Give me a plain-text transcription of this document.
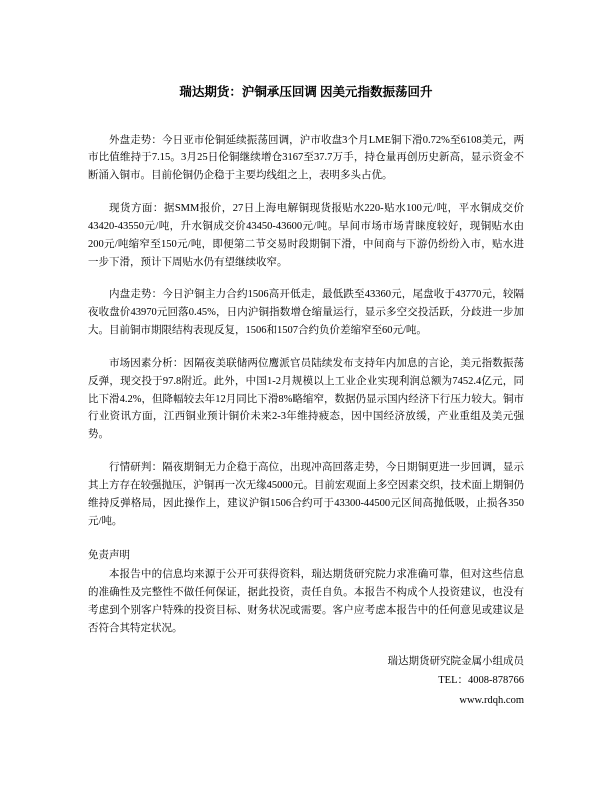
瑞达期货：沪铜承压回调 因美元指数振荡回升

外盘走势：今日亚市伦铜延续振荡回调，沪市收盘3个月LME铜下滑0.72%至6108美元，两市比值维持于7.15。3月25日伦铜继续增仓3167至37.7万手，持仓量再创历史新高，显示资金不断涌入铜市。目前伦铜仍企稳于主要均线组之上，表明多头占优。

现货方面：据SMM报价，27日上海电解铜现货报贴水220-贴水100元/吨，平水铜成交价43420-43550元/吨，升水铜成交价43450-43600元/吨。早间市场市场青睐度较好，现铜贴水由200元/吨缩窄至150元/吨，即便第二节交易时段期铜下滑，中间商与下游仍纷纷入市，贴水进一步下滑，预计下周贴水仍有望继续收窄。

内盘走势：今日沪铜主力合约1506高开低走，最低跌至43360元，尾盘收于43770元，较隔夜收盘价43970元回落0.45%，日内沪铜指数增仓缩量运行，显示多空交投活跃，分歧进一步加大。目前铜市期限结构表现反复，1506和1507合约负价差缩窄至60元/吨。

市场因素分析：因隔夜美联储两位鹰派官员陆续发布支持年内加息的言论，美元指数振荡反弹，现交投于97.8附近。此外，中国1-2月规模以上工业企业实现利润总额为7452.4亿元，同比下滑4.2%，但降幅较去年12月同比下滑8%略缩窄，数据仍显示国内经济下行压力较大。铜市行业资讯方面，江西铜业预计铜价未来2-3年维持疲态，因中国经济放缓，产业重组及美元强势。

行情研判：隔夜期铜无力企稳于高位，出现冲高回落走势，今日期铜更进一步回调，显示其上方存在较强抛压，沪铜再一次无缘45000元。目前宏观面上多空因素交织，技术面上期铜仍维持反弹格局，因此操作上，建议沪铜1506合约可于43300-44500元区间高抛低吸，止损各350元/吨。

免责声明

本报告中的信息均来源于公开可获得资料，瑞达期货研究院力求准确可靠，但对这些信息的准确性及完整性不做任何保证，据此投资，责任自负。本报告不构成个人投资建议，也没有考虑到个别客户特殊的投资目标、财务状况或需要。客户应考虑本报告中的任何意见或建议是否符合其特定状况。

瑞达期货研究院金属小组成员
TEL：4008-878766
www.rdqh.com
